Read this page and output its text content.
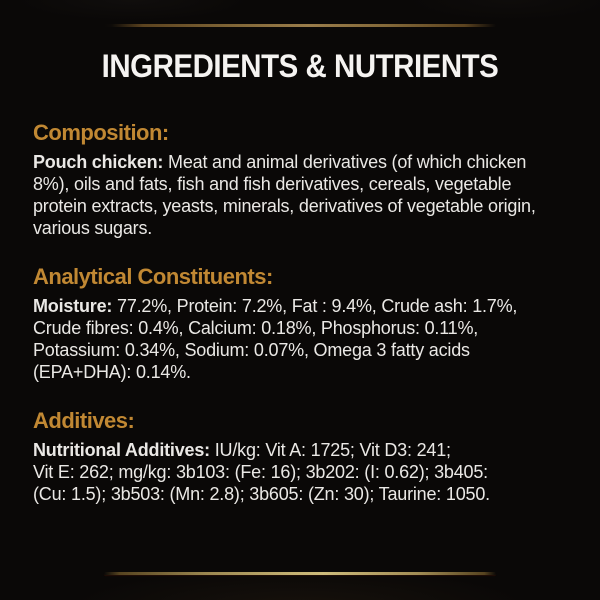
INGREDIENTS & NUTRIENTS
Composition:
Pouch chicken: Meat and animal derivatives (of which chicken
8%), oils and fats, fish and fish derivatives, cereals, vegetable
protein extracts, yeasts, minerals, derivatives of vegetable origin,
various sugars.
Analytical Constituents:
Moisture: 77.2%, Protein: 7.2%, Fat : 9.4%, Crude ash: 1.7%,
Crude fibres: 0.4%, Calcium: 0.18%, Phosphorus: 0.11%,
Potassium: 0.34%, Sodium: 0.07%, Omega 3 fatty acids
(EPA+DHA): 0.14%.
Additives:
Nutritional Additives: IU/kg: Vit A: 1725; Vit D3: 241;
Vit E: 262; mg/kg: 3b103: (Fe: 16); 3b202: (I: 0.62); 3b405:
(Cu: 1.5); 3b503: (Mn: 2.8); 3b605: (Zn: 30); Taurine: 1050.
